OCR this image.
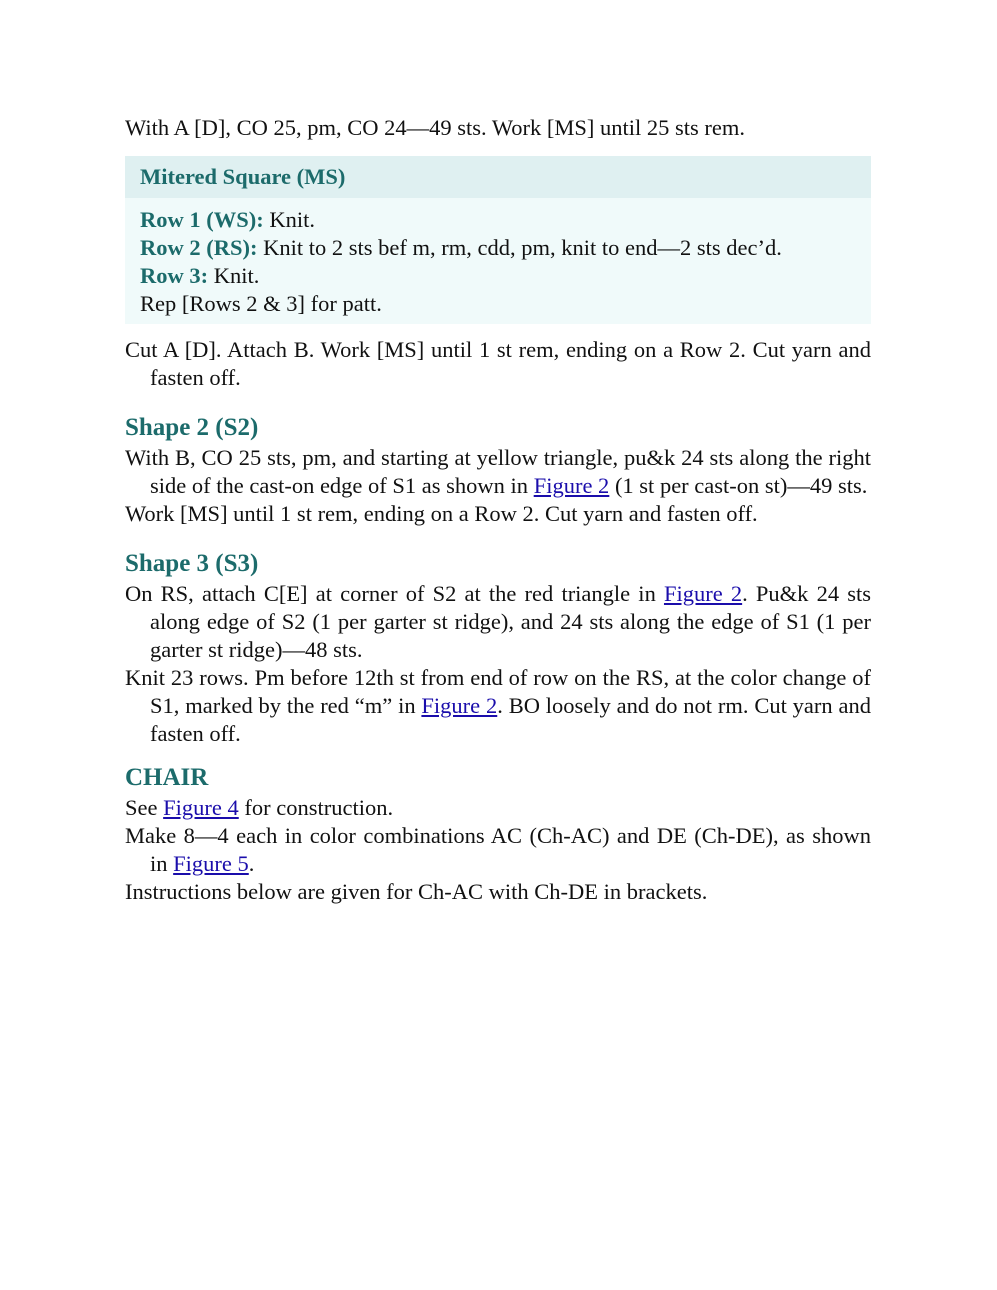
With A [D], CO 25, pm, CO 24—49 sts. Work [MS] until 25 sts rem.

Mitered Square (MS)

Row 1 (WS): Knit.

Row 2 (RS): Knit to 2 sts bef m, rm, cdd, pm, knit to end—2 sts dec’d.

Row 3: Knit.

Rep [Rows 2 & 3] for patt.

Cut A [D]. Attach B. Work [MS] until 1 st rem, ending on a Row 2. Cut yarn and fasten off.

Shape 2 (S2)

With B, CO 25 sts, pm, and starting at yellow triangle, pu&k 24 sts along the right side of the cast-on edge of S1 as shown in Figure 2 (1 st per cast-on st)—49 sts.

Work [MS] until 1 st rem, ending on a Row 2. Cut yarn and fasten off.

Shape 3 (S3)

On RS, attach C[E] at corner of S2 at the red triangle in Figure 2. Pu&k 24 sts along edge of S2 (1 per garter st ridge), and 24 sts along the edge of S1 (1 per garter st ridge)—48 sts.

Knit 23 rows. Pm before 12th st from end of row on the RS, at the color change of S1, marked by the red “m” in Figure 2. BO loosely and do not rm. Cut yarn and fasten off.

CHAIR

See Figure 4 for construction.

Make 8—4 each in color combinations AC (Ch-AC) and DE (Ch-DE), as shown in Figure 5.

Instructions below are given for Ch-AC with Ch-DE in brackets.
